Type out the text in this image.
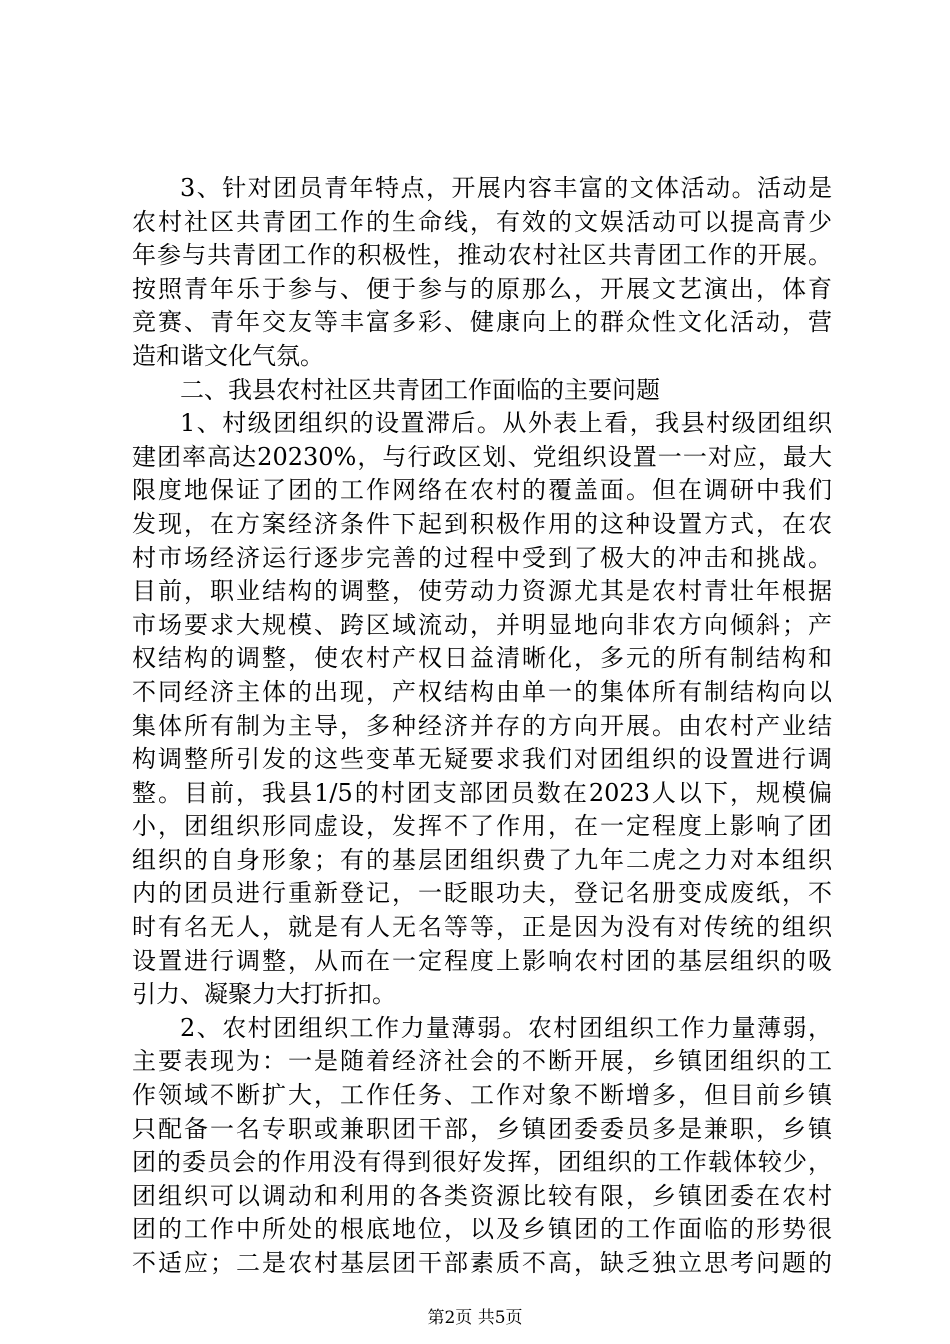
3、针对团员青年特点，开展内容丰富的文体活动。活动是
农村社区共青团工作的生命线，有效的文娱活动可以提高青少
年参与共青团工作的积极性，推动农村社区共青团工作的开展。
按照青年乐于参与、便于参与的原那么，开展文艺演出，体育
竞赛、青年交友等丰富多彩、健康向上的群众性文化活动，营
造和谐文化气氛。
二、我县农村社区共青团工作面临的主要问题
1、村级团组织的设置滞后。从外表上看，我县村级团组织
建团率高达20230%，与行政区划、党组织设置一一对应，最大
限度地保证了团的工作网络在农村的覆盖面。但在调研中我们
发现，在方案经济条件下起到积极作用的这种设置方式，在农
村市场经济运行逐步完善的过程中受到了极大的冲击和挑战。
目前，职业结构的调整，使劳动力资源尤其是农村青壮年根据
市场要求大规模、跨区域流动，并明显地向非农方向倾斜；产
权结构的调整，使农村产权日益清晰化，多元的所有制结构和
不同经济主体的出现，产权结构由单一的集体所有制结构向以
集体所有制为主导，多种经济并存的方向开展。由农村产业结
构调整所引发的这些变革无疑要求我们对团组织的设置进行调
整。目前，我县1/5的村团支部团员数在2023人以下，规模偏
小，团组织形同虚设，发挥不了作用，在一定程度上影响了团
组织的自身形象；有的基层团组织费了九年二虎之力对本组织
内的团员进行重新登记，一眨眼功夫，登记名册变成废纸，不
时有名无人，就是有人无名等等，正是因为没有对传统的组织
设置进行调整，从而在一定程度上影响农村团的基层组织的吸
引力、凝聚力大打折扣。
2、农村团组织工作力量薄弱。农村团组织工作力量薄弱，
主要表现为：一是随着经济社会的不断开展，乡镇团组织的工
作领域不断扩大，工作任务、工作对象不断增多，但目前乡镇
只配备一名专职或兼职团干部，乡镇团委委员多是兼职，乡镇
团的委员会的作用没有得到很好发挥，团组织的工作载体较少，
团组织可以调动和利用的各类资源比较有限，乡镇团委在农村
团的工作中所处的根底地位，以及乡镇团的工作面临的形势很
不适应；二是农村基层团干部素质不高，缺乏独立思考问题的
第2页 共5页
